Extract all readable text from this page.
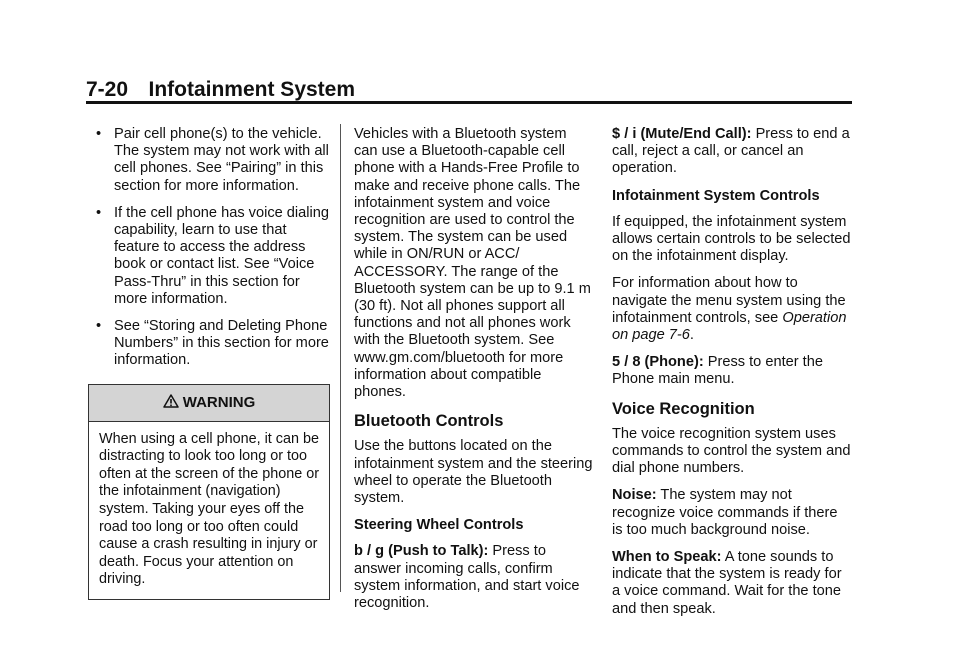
7-20 Infotainment System
• Pair cell phone(s) to the vehicle. The system may not work with all cell phones. See “Pairing” in this section for more information.
• If the cell phone has voice dialing capability, learn to use that feature to access the address book or contact list. See “Voice Pass-Thru” in this section for more information.
• See “Storing and Deleting Phone Numbers” in this section for more information.
WARNING
When using a cell phone, it can be distracting to look too long or too often at the screen of the phone or the infotainment (navigation) system. Taking your eyes off the road too long or too often could cause a crash resulting in injury or death. Focus your attention on driving.

Vehicles with a Bluetooth system can use a Bluetooth-capable cell phone with a Hands-Free Profile to make and receive phone calls. The infotainment system and voice recognition are used to control the system. The system can be used while in ON/RUN or ACC/ ACCESSORY. The range of the Bluetooth system can be up to 9.1 m (30 ft). Not all phones support all functions and not all phones work with the Bluetooth system. See www.gm.com/bluetooth for more information about compatible phones.

Bluetooth Controls

Use the buttons located on the infotainment system and the steering wheel to operate the Bluetooth system.

Steering Wheel Controls

b / g (Push to Talk): Press to answer incoming calls, confirm system information, and start voice recognition.

$ / i (Mute/End Call): Press to end a call, reject a call, or cancel an operation.

Infotainment System Controls

If equipped, the infotainment system allows certain controls to be selected on the infotainment display.

For information about how to navigate the menu system using the infotainment controls, see Operation on page 7-6.

5 / 8 (Phone): Press to enter the Phone main menu.

Voice Recognition

The voice recognition system uses commands to control the system and dial phone numbers.

Noise: The system may not recognize voice commands if there is too much background noise.

When to Speak: A tone sounds to indicate that the system is ready for a voice command. Wait for the tone and then speak.
